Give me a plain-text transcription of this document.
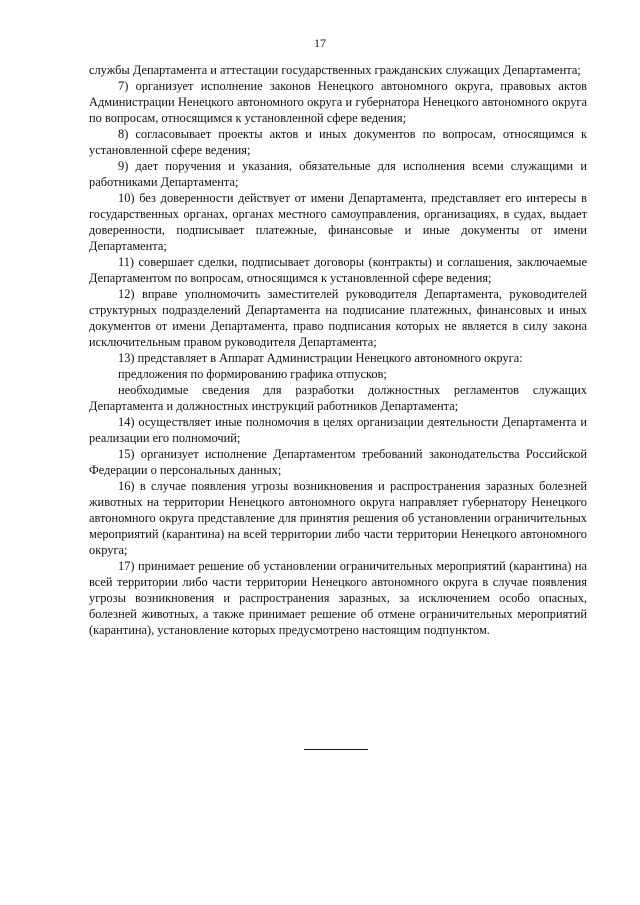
17

службы Департамента и аттестации государственных гражданских служащих Департамента;

7) организует исполнение законов Ненецкого автономного округа, правовых актов Администрации Ненецкого автономного округа и губернатора Ненецкого автономного округа по вопросам, относящимся к установленной сфере ведения;

8) согласовывает проекты актов и иных документов по вопросам, относящимся к установленной сфере ведения;

9) дает поручения и указания, обязательные для исполнения всеми служащими и работниками Департамента;

10) без доверенности действует от имени Департамента, представляет его интересы в государственных органах, органах местного самоуправления, организациях, в судах, выдает доверенности, подписывает платежные, финансовые и иные документы от имени Департамента;

11) совершает сделки, подписывает договоры (контракты) и соглашения, заключаемые Департаментом по вопросам, относящимся к установленной сфере ведения;

12) вправе уполномочить заместителей руководителя Департамента, руководителей структурных подразделений Департамента на подписание платежных, финансовых и иных документов от имени Департамента, право подписания которых не является в силу закона исключительным правом руководителя Департамента;

13) представляет в Аппарат Администрации Ненецкого автономного округа:

предложения по формированию графика отпусков;

необходимые сведения для разработки должностных регламентов служащих Департамента и должностных инструкций работников Департамента;

14) осуществляет иные полномочия в целях организации деятельности Департамента и реализации его полномочий;

15) организует исполнение Департаментом требований законодательства Российской Федерации о персональных данных;

16) в случае появления угрозы возникновения и распространения заразных болезней животных на территории Ненецкого автономного округа направляет губернатору Ненецкого автономного округа представление для принятия решения об установлении ограничительных мероприятий (карантина) на всей территории либо части территории Ненецкого автономного округа;

17) принимает решение об установлении ограничительных мероприятий (карантина) на всей территории либо части территории Ненецкого автономного округа в случае появления угрозы возникновения и распространения заразных, за исключением особо опасных, болезней животных, а также принимает решение об отмене ограничительных мероприятий (карантина), установление которых предусмотрено настоящим подпунктом.
